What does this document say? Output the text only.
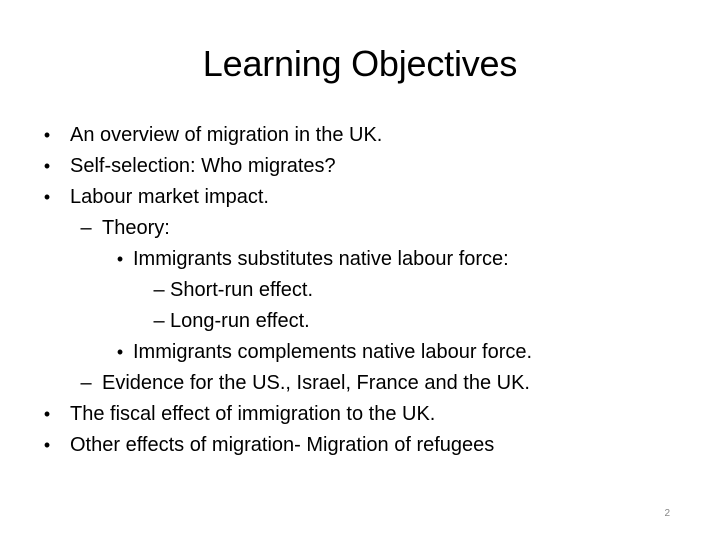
Learning Objectives
• An overview of migration in the UK.
• Self-selection: Who migrates?
• Labour market impact.
– Theory:
• Immigrants substitutes native labour force:
– Short-run effect.
– Long-run effect.
• Immigrants complements native labour force.
– Evidence for the US., Israel, France and the UK.
• The fiscal effect of immigration to the UK.
• Other effects of migration- Migration of refugees
2
